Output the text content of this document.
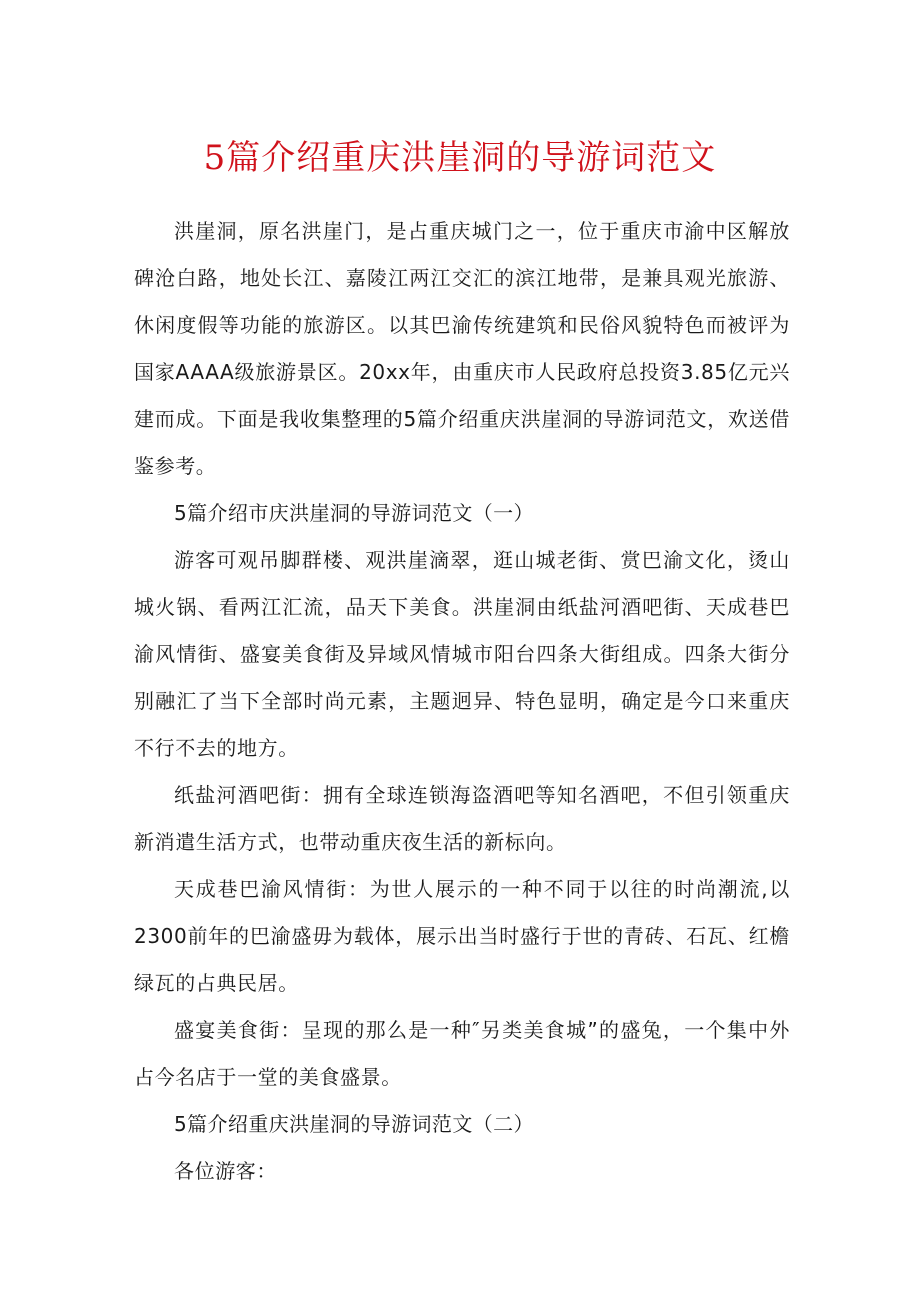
5篇介绍重庆洪崖洞的导游词范文

洪崖洞，原名洪崖门，是占重庆城门之一，位于重庆市渝中区解放碑沧白路，地处长江、嘉陵江两江交汇的滨江地带，是兼具观光旅游、休闲度假等功能的旅游区。以其巴渝传统建筑和民俗风貌特色而被评为国家AAAA级旅游景区。20xx年，由重庆市人民政府总投资3.85亿元兴建而成。下面是我收集整理的5篇介绍重庆洪崖洞的导游词范文，欢送借鉴参考。

5篇介绍市庆洪崖洞的导游词范文（一）

游客可观吊脚群楼、观洪崖滴翠，逛山城老街、赏巴渝文化，烫山城火锅、看两江汇流，品天下美食。洪崖洞由纸盐河酒吧街、天成巷巴渝风情街、盛宴美食街及异域风情城市阳台四条大街组成。四条大街分别融汇了当下全部时尚元素，主题迥异、特色显明，确定是今口来重庆不行不去的地方。

纸盐河酒吧街：拥有全球连锁海盗酒吧等知名酒吧，不但引领重庆新消遣生活方式，也带动重庆夜生活的新标向。

天成巷巴渝风情街：为世人展示的一种不同于以往的时尚潮流,以2300前年的巴渝盛毋为载体，展示出当时盛行于世的青砖、石瓦、红檐绿瓦的占典民居。

盛宴美食街：呈现的那么是一种″另类美食城”的盛兔，一个集中外占今名店于一堂的美食盛景。

5篇介绍重庆洪崖洞的导游词范文（二）

各位游客：
